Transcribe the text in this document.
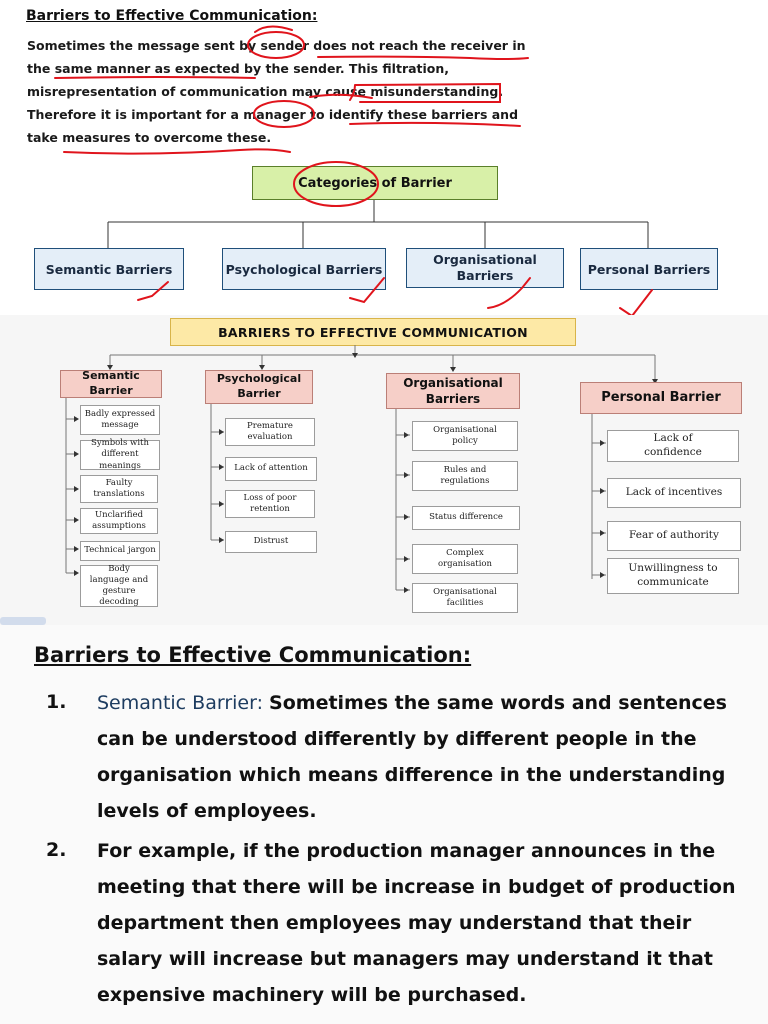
Barriers to Effective Communication:
Sometimes the message sent by sender does not reach the receiver in
the same manner as expected by the sender. This filtration,
misrepresentation of communication may cause misunderstanding.
Therefore it is important for a manager to identify these barriers and
take measures to overcome these.
Categories of Barrier
Semantic Barriers	Psychological Barriers
Organisational Barriers	Personal Barriers
BARRIERS TO EFFECTIVE COMMUNICATION
Semantic Barrier
Psychological Barrier
Organisational Barriers	Personal Barrier
Badly expressed message
Symbols with different meanings
Faulty translations
Unclarified assumptions
Technical jargon
Body language and gesture decoding
Premature evaluation
Lack of attention
Loss of poor retention
Distrust
Organisational policy
Rules and regulations
Status difference
Complex organisation
Organisational facilities
Lack of confidence
Lack of incentives
Fear of authority
Unwillingness to communicate
Barriers to Effective Communication:
1. Semantic Barrier: Sometimes the same words and sentences can be understood differently by different people in the organisation which means difference in the understanding levels of employees.
2. For example, if the production manager announces in the meeting that there will be increase in budget of production department then employees may understand that their salary will increase but managers may understand it that expensive machinery will be purchased.
